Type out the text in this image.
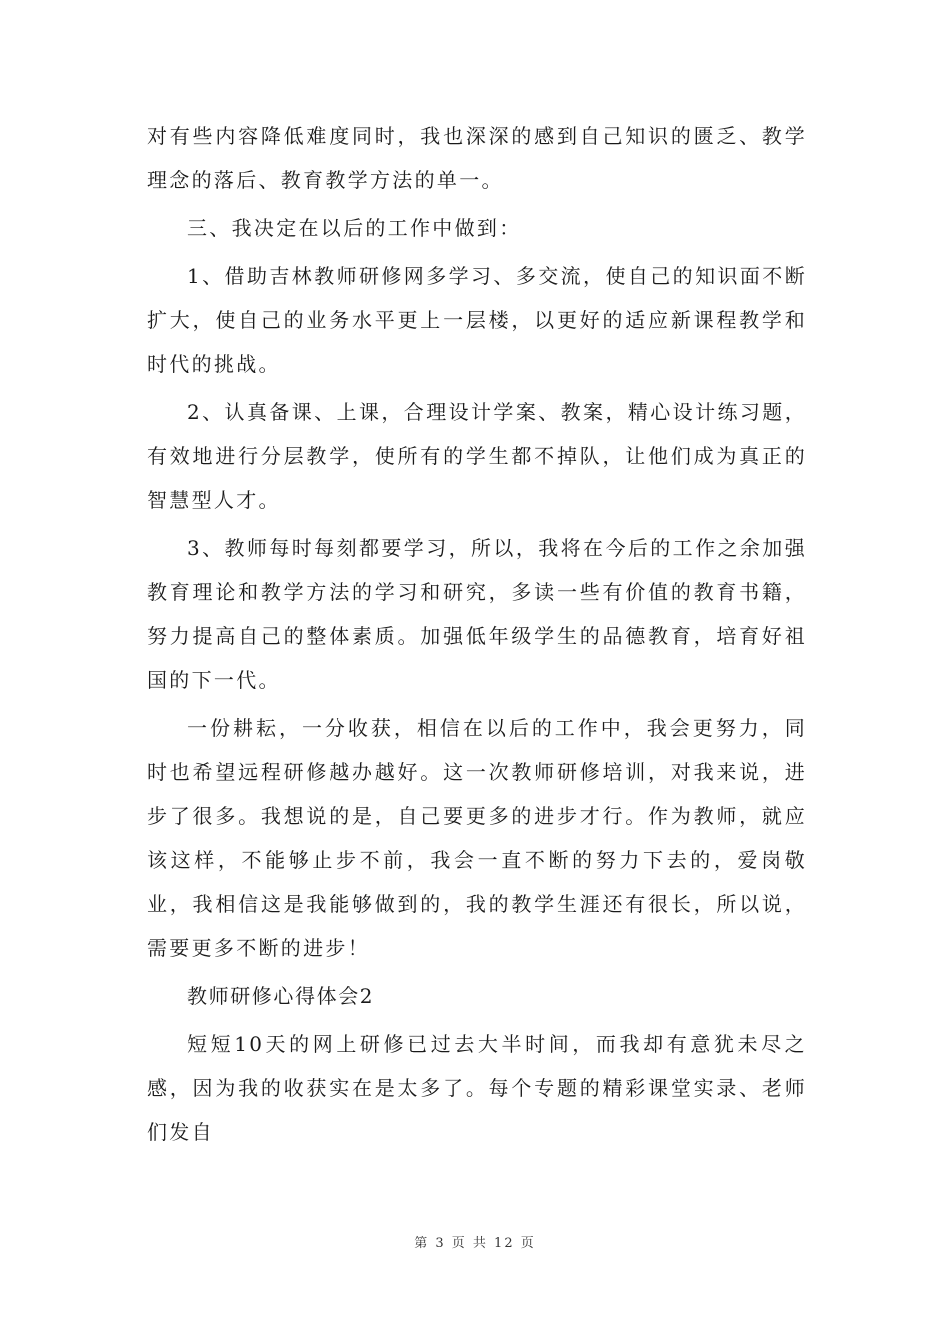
对有些内容降低难度同时，我也深深的感到自己知识的匮乏、教学理念的落后、教育教学方法的单一。

三、我决定在以后的工作中做到：

1、借助吉林教师研修网多学习、多交流，使自己的知识面不断扩大，使自己的业务水平更上一层楼，以更好的适应新课程教学和时代的挑战。

2、认真备课、上课，合理设计学案、教案，精心设计练习题，有效地进行分层教学，使所有的学生都不掉队，让他们成为真正的智慧型人才。

3、教师每时每刻都要学习，所以，我将在今后的工作之余加强教育理论和教学方法的学习和研究，多读一些有价值的教育书籍，努力提高自己的整体素质。加强低年级学生的品德教育，培育好祖国的下一代。

一份耕耘，一分收获，相信在以后的工作中，我会更努力，同时也希望远程研修越办越好。这一次教师研修培训，对我来说，进步了很多。我想说的是，自己要更多的进步才行。作为教师，就应该这样，不能够止步不前，我会一直不断的努力下去的，爱岗敬业，我相信这是我能够做到的，我的教学生涯还有很长，所以说，需要更多不断的进步！

教师研修心得体会2

短短10天的网上研修已过去大半时间，而我却有意犹未尽之感，因为我的收获实在是太多了。每个专题的精彩课堂实录、老师们发自

第 3 页 共 12 页
